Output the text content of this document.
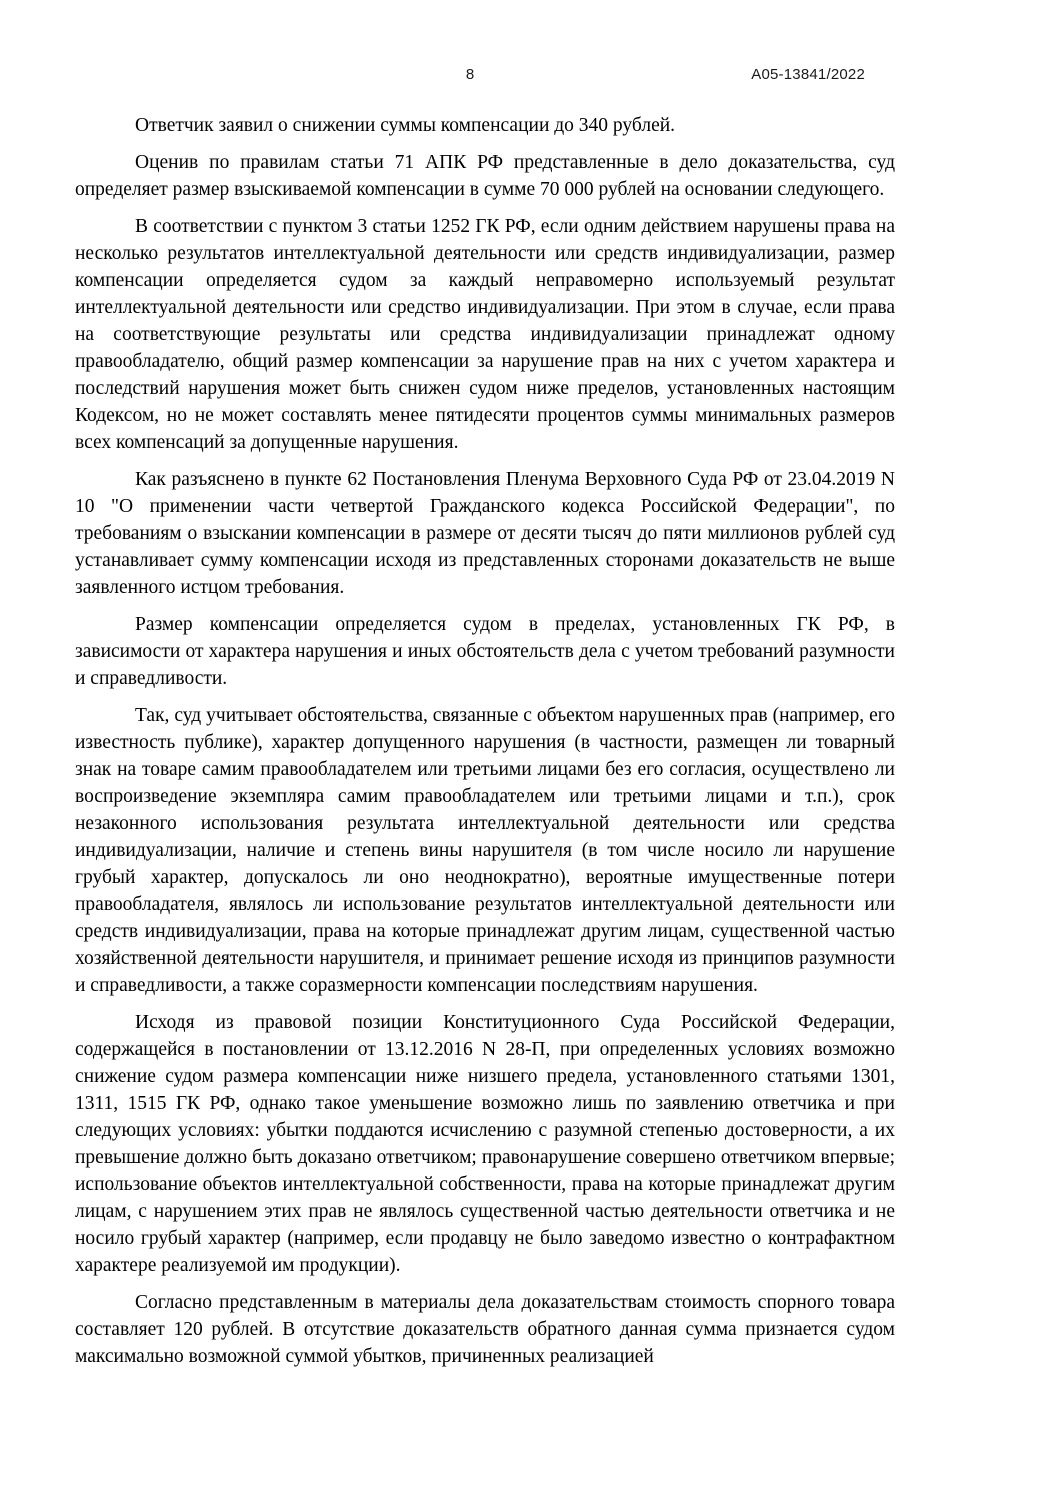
8	А05-13841/2022

Ответчик заявил о снижении суммы компенсации до 340 рублей.

Оценив по правилам статьи 71 АПК РФ представленные в дело доказательства, суд определяет размер взыскиваемой компенсации в сумме 70 000 рублей на основании следующего.

В соответствии с пунктом 3 статьи 1252 ГК РФ, если одним действием нарушены права на несколько результатов интеллектуальной деятельности или средств индивидуализации, размер компенсации определяется судом за каждый неправомерно используемый результат интеллектуальной деятельности или средство индивидуализации. При этом в случае, если права на соответствующие результаты или средства индивидуализации принадлежат одному правообладателю, общий размер компенсации за нарушение прав на них с учетом характера и последствий нарушения может быть снижен судом ниже пределов, установленных настоящим Кодексом, но не может составлять менее пятидесяти процентов суммы минимальных размеров всех компенсаций за допущенные нарушения.

Как разъяснено в пункте 62 Постановления Пленума Верховного Суда РФ от 23.04.2019 N 10 "О применении части четвертой Гражданского кодекса Российской Федерации", по требованиям о взыскании компенсации в размере от десяти тысяч до пяти миллионов рублей суд устанавливает сумму компенсации исходя из представленных сторонами доказательств не выше заявленного истцом требования.

Размер компенсации определяется судом в пределах, установленных ГК РФ, в зависимости от характера нарушения и иных обстоятельств дела с учетом требований разумности и справедливости.

Так, суд учитывает обстоятельства, связанные с объектом нарушенных прав (например, его известность публике), характер допущенного нарушения (в частности, размещен ли товарный знак на товаре самим правообладателем или третьими лицами без его согласия, осуществлено ли воспроизведение экземпляра самим правообладателем или третьими лицами и т.п.), срок незаконного использования результата интеллектуальной деятельности или средства индивидуализации, наличие и степень вины нарушителя (в том числе носило ли нарушение грубый характер, допускалось ли оно неоднократно), вероятные имущественные потери правообладателя, являлось ли использование результатов интеллектуальной деятельности или средств индивидуализации, права на которые принадлежат другим лицам, существенной частью хозяйственной деятельности нарушителя, и принимает решение исходя из принципов разумности и справедливости, а также соразмерности компенсации последствиям нарушения.

Исходя из правовой позиции Конституционного Суда Российской Федерации, содержащейся в постановлении от 13.12.2016 N 28-П, при определенных условиях возможно снижение судом размера компенсации ниже низшего предела, установленного статьями 1301, 1311, 1515 ГК РФ, однако такое уменьшение возможно лишь по заявлению ответчика и при следующих условиях: убытки поддаются исчислению с разумной степенью достоверности, а их превышение должно быть доказано ответчиком; правонарушение совершено ответчиком впервые; использование объектов интеллектуальной собственности, права на которые принадлежат другим лицам, с нарушением этих прав не являлось существенной частью деятельности ответчика и не носило грубый характер (например, если продавцу не было заведомо известно о контрафактном характере реализуемой им продукции).

Согласно представленным в материалы дела доказательствам стоимость спорного товара составляет 120 рублей. В отсутствие доказательств обратного данная сумма признается судом максимально возможной суммой убытков, причиненных реализацией
